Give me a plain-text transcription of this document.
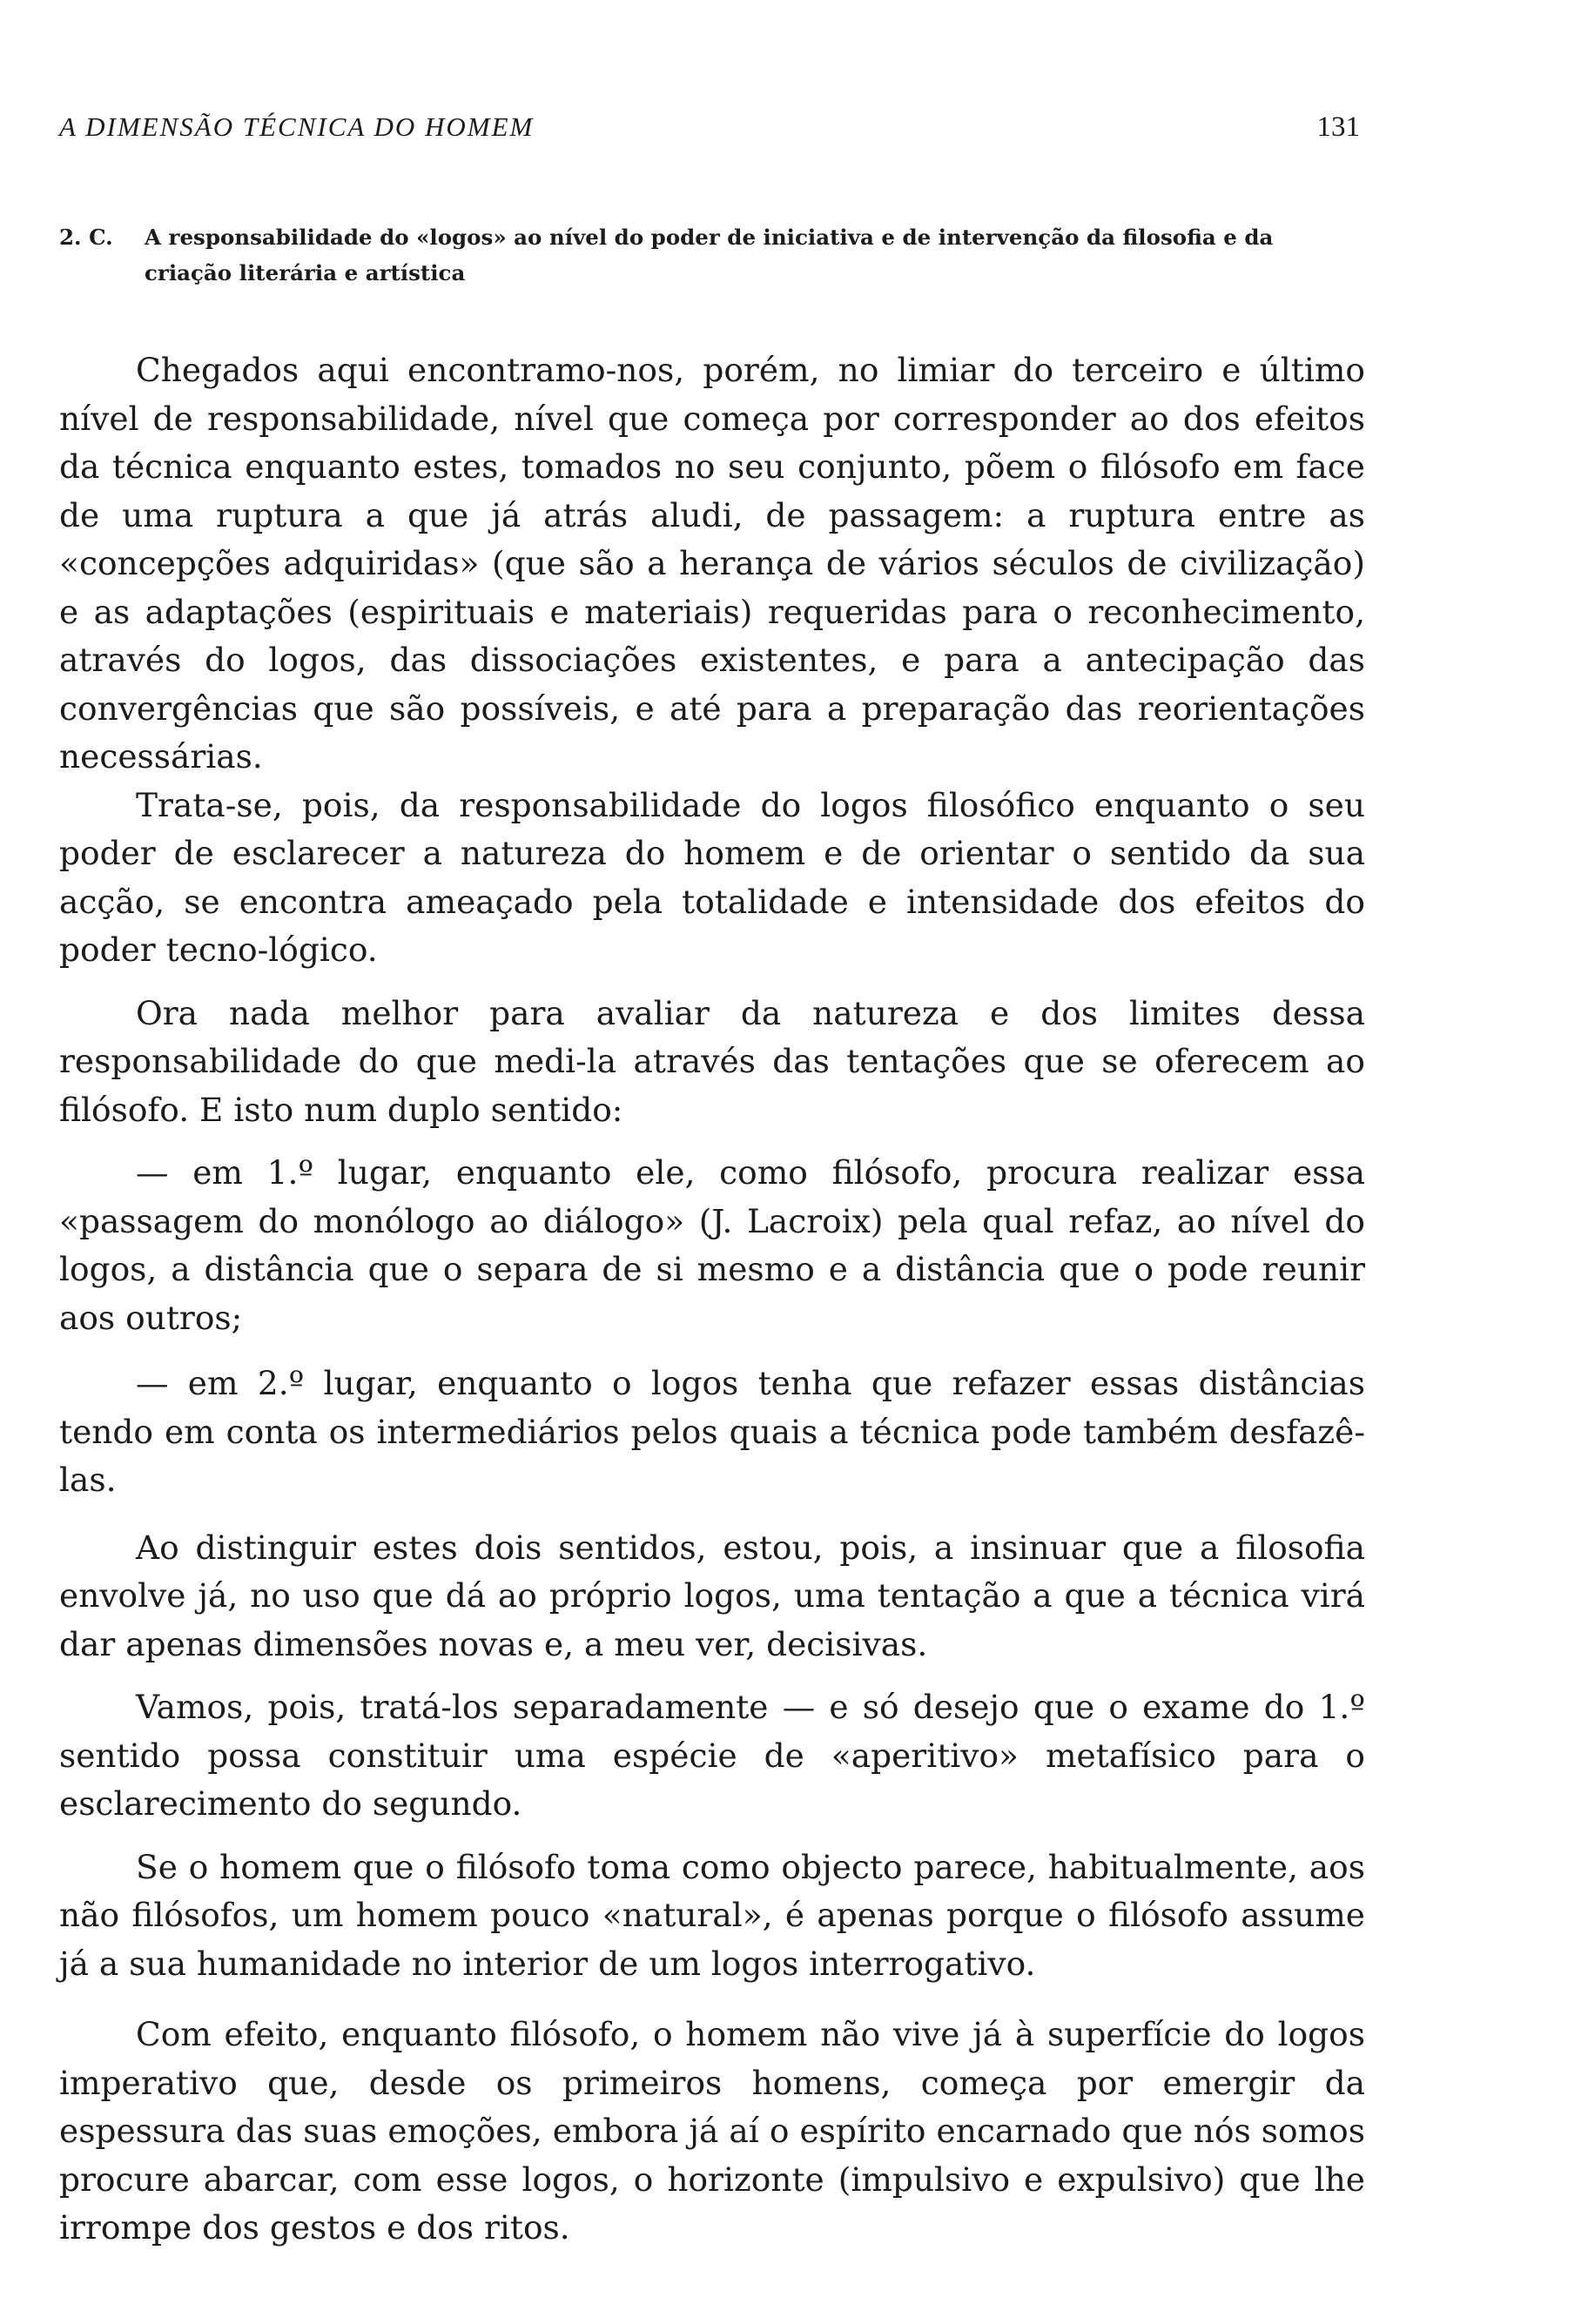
A DIMENSÃO TÉCNICA DO HOMEM	131
2. C.	A responsabilidade do «logos» ao nível do poder de iniciativa e de intervenção da filosofia e da criação literária e artística

Chegados aqui encontramo-nos, porém, no limiar do terceiro e último nível de responsabilidade, nível que começa por corresponder ao dos efeitos da técnica enquanto estes, tomados no seu conjunto, põem o filósofo em face de uma ruptura a que já atrás aludi, de passagem: a ruptura entre as «concepções adquiridas» (que são a herança de vários séculos de civilização) e as adaptações (espirituais e materiais) requeridas para o reconhecimento, através do logos, das dissociações existentes, e para a antecipação das convergências que são possíveis, e até para a preparação das reorientações necessárias.

Trata-se, pois, da responsabilidade do logos filosófico enquanto o seu poder de esclarecer a natureza do homem e de orientar o sentido da sua acção, se encontra ameaçado pela totalidade e intensidade dos efeitos do poder tecno-lógico.

Ora nada melhor para avaliar da natureza e dos limites dessa responsabilidade do que medi-la através das tentações que se oferecem ao filósofo. E isto num duplo sentido:

— em 1.º lugar, enquanto ele, como filósofo, procura realizar essa «passagem do monólogo ao diálogo» (J. Lacroix) pela qual refaz, ao nível do logos, a distância que o separa de si mesmo e a distância que o pode reunir aos outros;

— em 2.º lugar, enquanto o logos tenha que refazer essas distâncias tendo em conta os intermediários pelos quais a técnica pode também desfazê-las.

Ao distinguir estes dois sentidos, estou, pois, a insinuar que a filosofia envolve já, no uso que dá ao próprio logos, uma tentação a que a técnica virá dar apenas dimensões novas e, a meu ver, decisivas.

Vamos, pois, tratá-los separadamente — e só desejo que o exame do 1.º sentido possa constituir uma espécie de «aperitivo» metafísico para o esclarecimento do segundo.

Se o homem que o filósofo toma como objecto parece, habitualmente, aos não filósofos, um homem pouco «natural», é apenas porque o filósofo assume já a sua humanidade no interior de um logos interrogativo.

Com efeito, enquanto filósofo, o homem não vive já à superfície do logos imperativo que, desde os primeiros homens, começa por emergir da espessura das suas emoções, embora já aí o espírito encarnado que nós somos procure abarcar, com esse logos, o horizonte (impulsivo e expulsivo) que lhe irrompe dos gestos e dos ritos.
